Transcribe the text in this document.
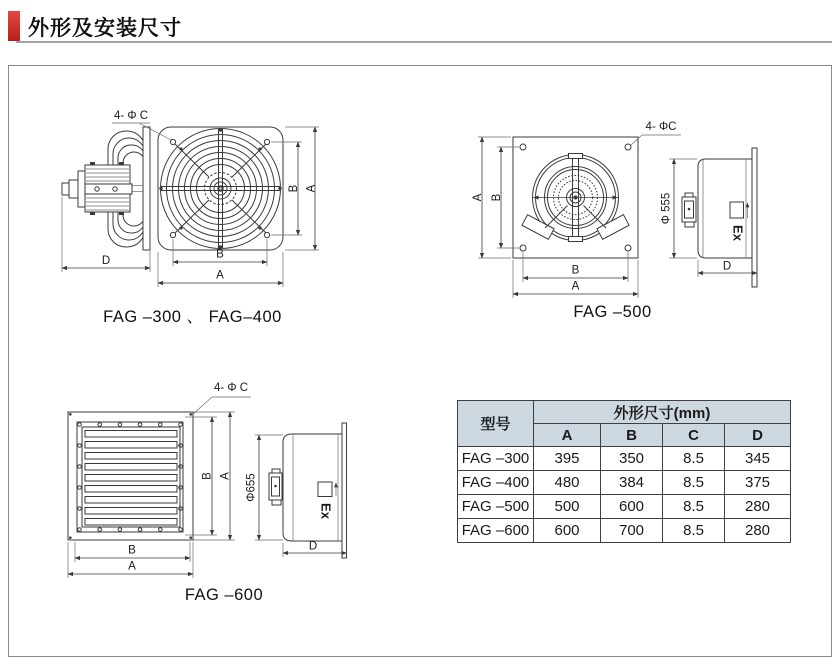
外形及安装尺寸
D
4- Φ C
B A
B
A
FAG –300 、 FAG–400
4- ΦC
A B
B
A
Ex
Φ 555
D
FAG –500
4- Φ C
B A
B
A
Ex
Φ655
D
FAG –600
型号	外形尺寸(mm)			
	A	B	C	D
FAG –300	395	350	8.5	345
FAG –400	480	384	8.5	375
FAG –500	500	600	8.5	280
FAG –600	600	700	8.5	280
